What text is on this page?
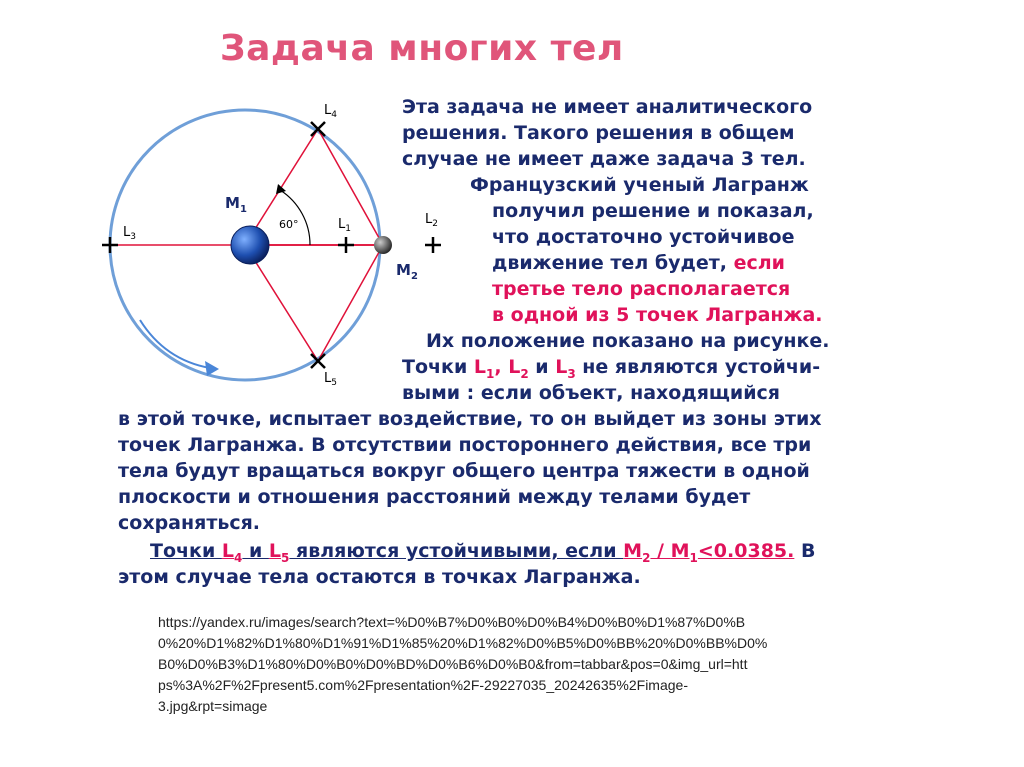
Задача многих тел
$M_1$
$M_2$
60°
$L_3$
$L_1$
$L_2$
$L_4$
$L_5$
Эта задача не имеет аналитического
решения. Такого решения в общем
случае не имеет даже задача 3 тел.
Французский ученый Лагранж
получил решение и показал,
что достаточно устойчивое
движение тел будет, если
третье тело располагается
в одной из 5 точек Лагранжа.
Их положение показано на рисунке.
Точки $L_1$, $L_2$ и $L_3$ не являются устойчи-
выми : если объект, находящийся
в этой точке, испытает воздействие, то он выйдет из зоны этих
точек Лагранжа. В отсутствии постороннего действия, все три
тела будут вращаться вокруг общего центра тяжести в одной
плоскости и отношения расстояний между телами будет
сохраняться.
Точки $L_4$ и $L_5$ являются устойчивыми, если $M_2 / M_1<0.0385$. В
этом случае тела остаются в точках Лагранжа.
https://yandex.ru/images/search?text=%D0%B7%D0%B0%D0%B4%D0%B0%D1%87%D0%B
0%20%D1%82%D1%80%D1%91%D1%85%20%D1%82%D0%B5%D0%BB%20%D0%BB%D0%
B0%D0%B3%D1%80%D0%B0%D0%BD%D0%B6%D0%B0&from=tabbar&pos=0&img_url=htt
ps%3A%2F%2Fpresent5.com%2Fpresentation%2F-29227035_20242635%2Fimage-
3.jpg&rpt=simage
